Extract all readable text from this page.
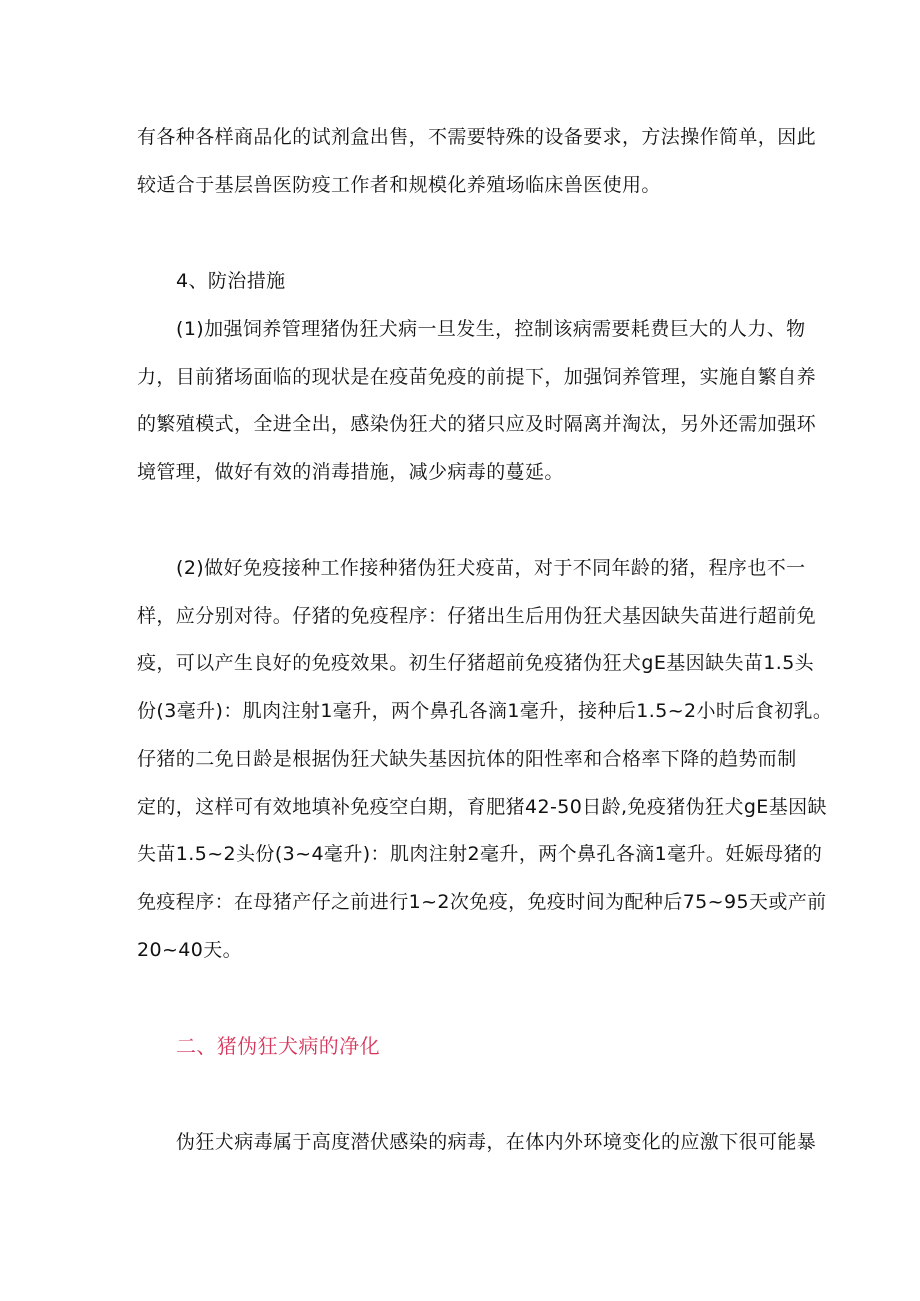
有各种各样商品化的试剂盒出售，不需要特殊的设备要求，方法操作简单，因此

较适合于基层兽医防疫工作者和规模化养殖场临床兽医使用。

4、防治措施

(1)加强饲养管理猪伪狂犬病一旦发生，控制该病需要耗费巨大的人力、物

力，目前猪场面临的现状是在疫苗免疫的前提下，加强饲养管理，实施自繁自养

的繁殖模式，全进全出，感染伪狂犬的猪只应及时隔离并淘汰，另外还需加强环

境管理，做好有效的消毒措施，减少病毒的蔓延。

(2)做好免疫接种工作接种猪伪狂犬疫苗，对于不同年龄的猪，程序也不一

样，应分别对待。仔猪的免疫程序：仔猪出生后用伪狂犬基因缺失苗进行超前免

疫，可以产生良好的免疫效果。初生仔猪超前免疫猪伪狂犬gE基因缺失苗1.5头

份(3毫升)：肌肉注射1毫升，两个鼻孔各滴1毫升，接种后1.5~2小时后食初乳。

仔猪的二免日龄是根据伪狂犬缺失基因抗体的阳性率和合格率下降的趋势而制

定的，这样可有效地填补免疫空白期，育肥猪42-50日龄,免疫猪伪狂犬gE基因缺

失苗1.5~2头份(3~4毫升)：肌肉注射2毫升，两个鼻孔各滴1毫升。妊娠母猪的

免疫程序：在母猪产仔之前进行1~2次免疫，免疫时间为配种后75~95天或产前

20~40天。

二、猪伪狂犬病的净化

伪狂犬病毒属于高度潜伏感染的病毒，在体内外环境变化的应激下很可能暴
